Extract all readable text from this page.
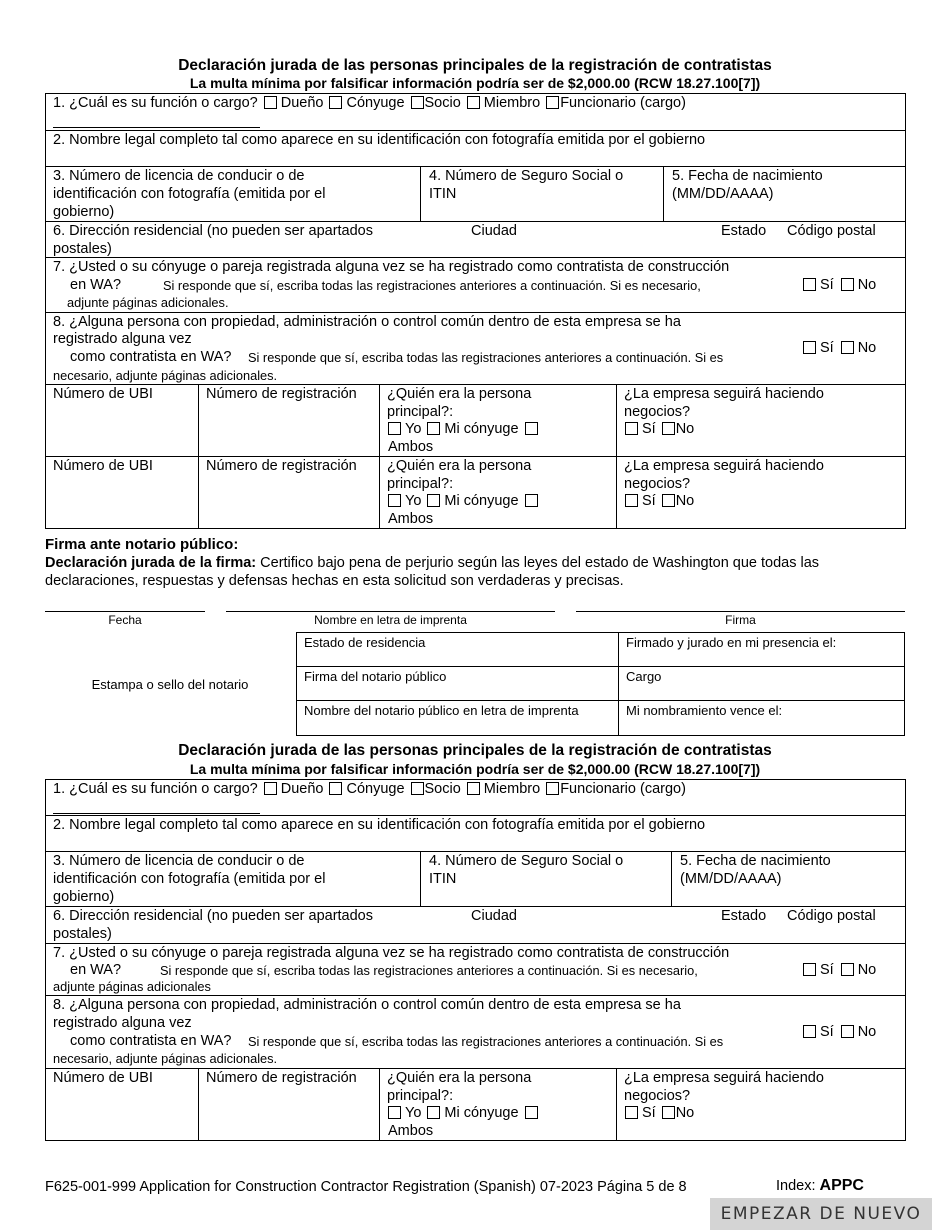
Declaración jurada de las personas principales de la registración de contratistas
La multa mínima por falsificar información podría ser de $2,000.00 (RCW 18.27.100[7])
1. ¿Cuál es su función o cargo? Dueño Cónyuge Socio Miembro Funcionario (cargo)
2. Nombre legal completo tal como aparece en su identificación con fotografía emitida por el gobierno
3. Número de licencia de conducir o de identificación con fotografía (emitida por el gobierno)
4. Número de Seguro Social o ITIN
5. Fecha de nacimiento (MM/DD/AAAA)
6. Dirección residencial (no pueden ser apartados postales)
Ciudad	Estado Código postal
7. ¿Usted o su cónyuge o pareja registrada alguna vez se ha registrado como contratista de construcción
en WA?	Si responde que sí, escriba todas las registraciones anteriores a continuación. Si es necesario,
adjunte páginas adicionales.
Sí No
8. ¿Alguna persona con propiedad, administración o control común dentro de esta empresa se ha
registrado alguna vez
como contratista en WA? Si responde que sí, escriba todas las registraciones anteriores a continuación. Si es
necesario, adjunte páginas adicionales.
Sí No
Número de UBI	Número de registración ¿Quién era la persona principal?:
Yo Mi cónyuge
Ambos
¿La empresa seguirá haciendo negocios?
Sí No
Número de UBI	Número de registración ¿Quién era la persona principal?:
Yo Mi cónyuge
Ambos
¿La empresa seguirá haciendo negocios?
Sí No
Firma ante notario público:
Declaración jurada de la firma: Certifico bajo pena de perjurio según las leyes del estado de Washington que todas las declaraciones, respuestas y defensas hechas en esta solicitud son verdaderas y precisas.
Fecha	Nombre en letra de imprenta	Firma
Estampa o sello del notario
Estado de residencia	Firmado y jurado en mi presencia el:
Firma del notario público	Cargo
Nombre del notario público en letra de imprenta	Mi nombramiento vence el:
Declaración jurada de las personas principales de la registración de contratistas
La multa mínima por falsificar información podría ser de $2,000.00 (RCW 18.27.100[7])
1. ¿Cuál es su función o cargo? Dueño Cónyuge Socio Miembro Funcionario (cargo)
2. Nombre legal completo tal como aparece en su identificación con fotografía emitida por el gobierno
3. Número de licencia de conducir o de identificación con fotografía (emitida por el gobierno)
4. Número de Seguro Social o ITIN
5. Fecha de nacimiento (MM/DD/AAAA)
6. Dirección residencial (no pueden ser apartados postales)
Ciudad	Estado Código postal
7. ¿Usted o su cónyuge o pareja registrada alguna vez se ha registrado como contratista de construcción
en WA?	Si responde que sí, escriba todas las registraciones anteriores a continuación. Si es necesario,
adjunte páginas adicionales
Sí No
8. ¿Alguna persona con propiedad, administración o control común dentro de esta empresa se ha
registrado alguna vez
como contratista en WA? Si responde que sí, escriba todas las registraciones anteriores a continuación. Si es
necesario, adjunte páginas adicionales.
Sí No
Número de UBI	Número de registración ¿Quién era la persona principal?:
Yo Mi cónyuge
Ambos
¿La empresa seguirá haciendo negocios?
Sí No
F625-001-999 Application for Construction Contractor Registration (Spanish) 07-2023 Página 5 de 8	Index: APPC
EMPEZAR DE NUEVO
